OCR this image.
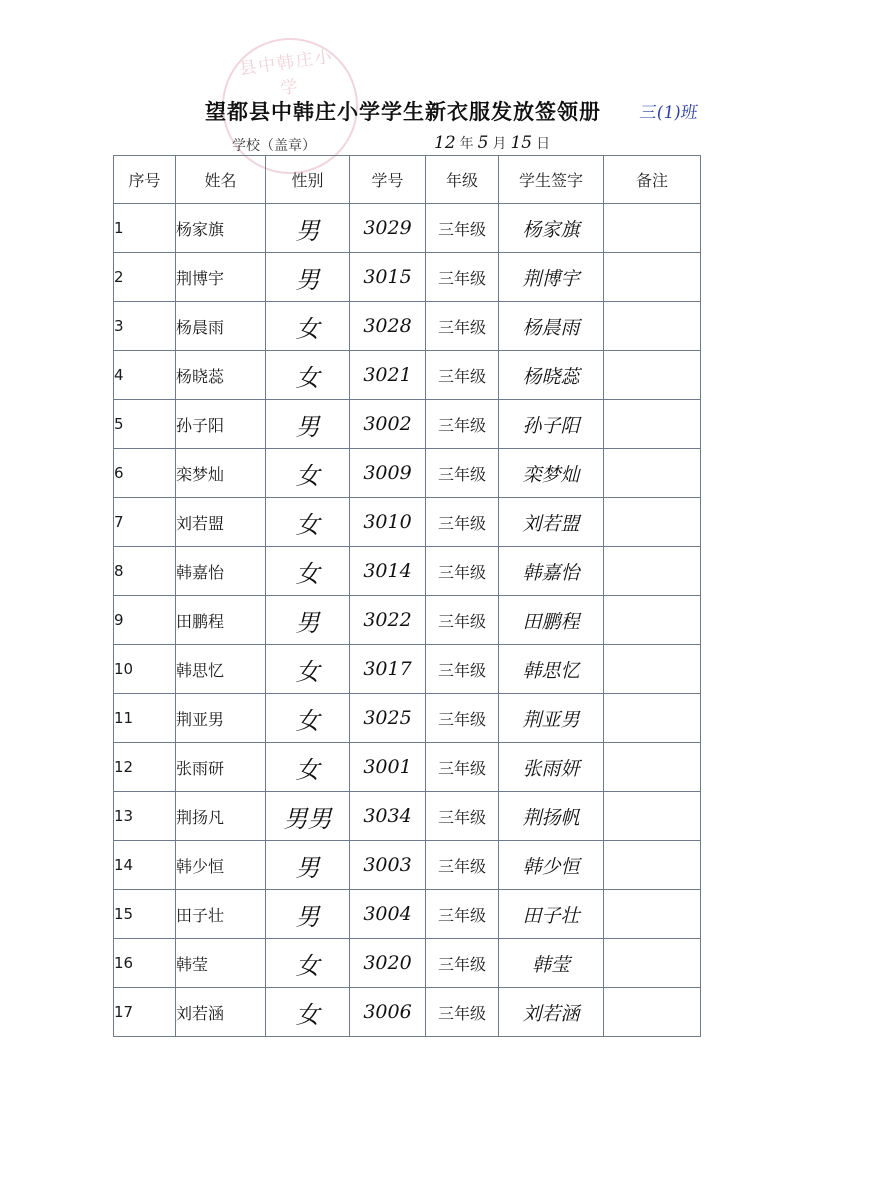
县中韩庄小学
望都县中韩庄小学学生新衣服发放签领册 三(1)班
学校（盖章）	12 年 5 月 15 日
序号	姓名	性别	学号	年级	学生签字	备注
1	杨家旗	男	3029	三年级	杨家旗	
2	荆博宇	男	3015	三年级	荆博宇	
3	杨晨雨	女	3028	三年级	杨晨雨	
4	杨晓蕊	女	3021	三年级	杨晓蕊	
5	孙子阳	男	3002	三年级	孙子阳	
6	栾梦灿	女	3009	三年级	栾梦灿	
7	刘若盟	女	3010	三年级	刘若盟	
8	韩嘉怡	女	3014	三年级	韩嘉怡	
9	田鹏程	男	3022	三年级	田鹏程	
10	韩思忆	女	3017	三年级	韩思忆	
11	荆亚男	女	3025	三年级	荆亚男	
12	张雨研	女	3001	三年级	张雨妍	
13	荆扬凡	男男	3034	三年级	荆扬帆	
14	韩少恒	男	3003	三年级	韩少恒	
15	田子壮	男	3004	三年级	田子壮	
16	韩莹	女	3020	三年级	韩莹	
17	刘若涵	女	3006	三年级	刘若涵	
